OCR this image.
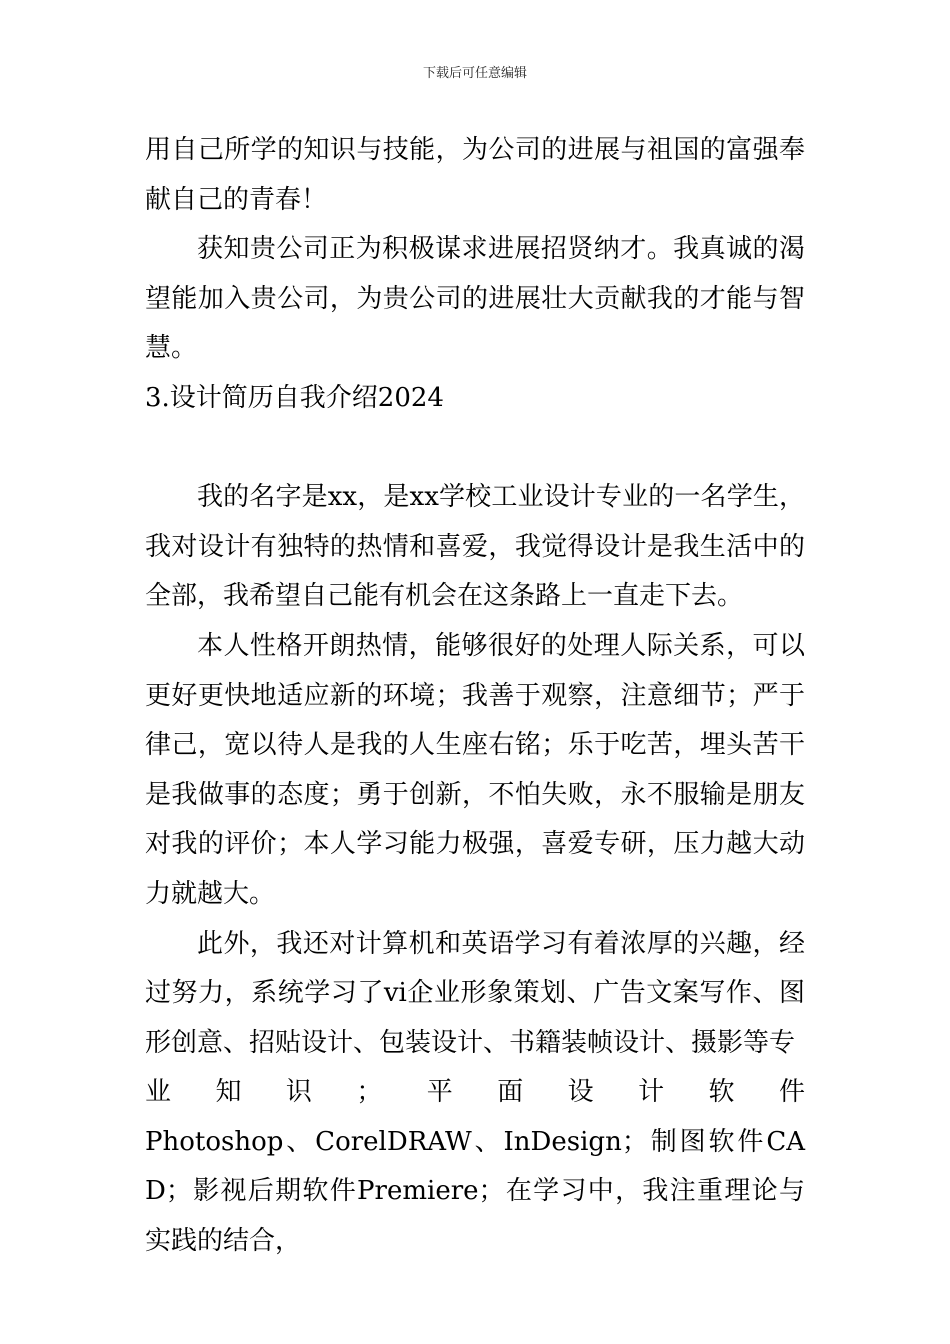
下载后可任意编辑

用自己所学的知识与技能，为公司的进展与祖国的富强奉献自己的青春！

获知贵公司正为积极谋求进展招贤纳才。我真诚的渴望能加入贵公司，为贵公司的进展壮大贡献我的才能与智慧。

3.设计简历自我介绍2024

我的名字是xx，是xx学校工业设计专业的一名学生，我对设计有独特的热情和喜爱，我觉得设计是我生活中的全部，我希望自己能有机会在这条路上一直走下去。

本人性格开朗热情，能够很好的处理人际关系，可以更好更快地适应新的环境；我善于观察，注意细节；严于律己，宽以待人是我的人生座右铭；乐于吃苦，埋头苦干是我做事的态度；勇于创新，不怕失败，永不服输是朋友对我的评价；本人学习能力极强，喜爱专研，压力越大动力就越大。

此外，我还对计算机和英语学习有着浓厚的兴趣，经过努力，系统学习了vi企业形象策划、广告文案写作、图形创意、招贴设计、包装设计、书籍装帧设计、摄影等专

业 知 识 ； 平 面 设 计 软 件

Photoshop、CorelDRAW、InDesign；制图软件CAD；影视后期软件Premiere；在学习中，我注重理论与实践的结合，
